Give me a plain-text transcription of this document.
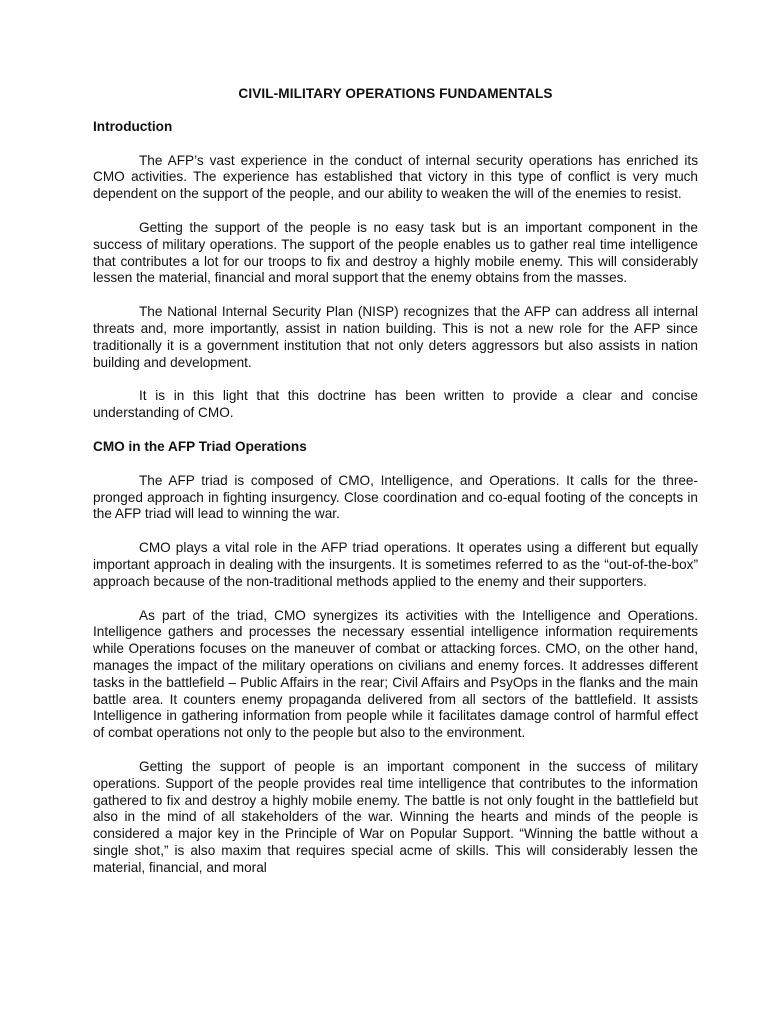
CIVIL-MILITARY OPERATIONS FUNDAMENTALS
Introduction

The AFP’s vast experience in the conduct of internal security operations has enriched its CMO activities. The experience has established that victory in this type of conflict is very much dependent on the support of the people, and our ability to weaken the will of the enemies to resist.

Getting the support of the people is no easy task but is an important component in the success of military operations. The support of the people enables us to gather real time intelligence that contributes a lot for our troops to fix and destroy a highly mobile enemy. This will considerably lessen the material, financial and moral support that the enemy obtains from the masses.

The National Internal Security Plan (NISP) recognizes that the AFP can address all internal threats and, more importantly, assist in nation building. This is not a new role for the AFP since traditionally it is a government institution that not only deters aggressors but also assists in nation building and development.

It is in this light that this doctrine has been written to provide a clear and concise understanding of CMO.

CMO in the AFP Triad Operations

The AFP triad is composed of CMO, Intelligence, and Operations. It calls for the three-pronged approach in fighting insurgency. Close coordination and co-equal footing of the concepts in the AFP triad will lead to winning the war.

CMO plays a vital role in the AFP triad operations. It operates using a different but equally important approach in dealing with the insurgents. It is sometimes referred to as the “out-of-the-box” approach because of the non-traditional methods applied to the enemy and their supporters.

As part of the triad, CMO synergizes its activities with the Intelligence and Operations. Intelligence gathers and processes the necessary essential intelligence information requirements while Operations focuses on the maneuver of combat or attacking forces. CMO, on the other hand, manages the impact of the military operations on civilians and enemy forces. It addresses different tasks in the battlefield – Public Affairs in the rear; Civil Affairs and PsyOps in the flanks and the main battle area. It counters enemy propaganda delivered from all sectors of the battlefield. It assists Intelligence in gathering information from people while it facilitates damage control of harmful effect of combat operations not only to the people but also to the environment.

Getting the support of people is an important component in the success of military operations. Support of the people provides real time intelligence that contributes to the information gathered to fix and destroy a highly mobile enemy. The battle is not only fought in the battlefield but also in the mind of all stakeholders of the war. Winning the hearts and minds of the people is considered a major key in the Principle of War on Popular Support. “Winning the battle without a single shot,” is also maxim that requires special acme of skills. This will considerably lessen the material, financial, and moral
